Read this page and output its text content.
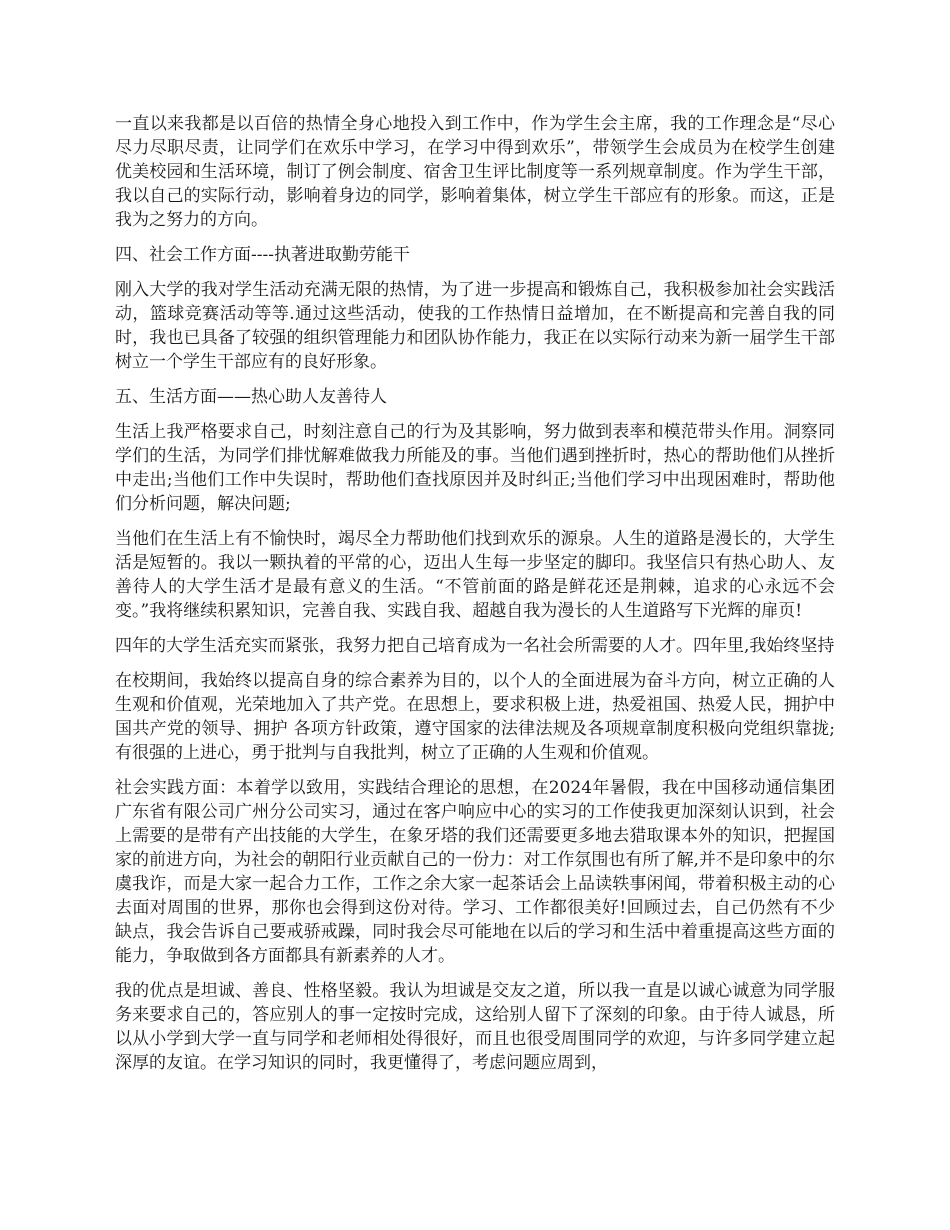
一直以来我都是以百倍的热情全身心地投入到工作中，作为学生会主席，我的工作理念是“尽心 尽力尽职尽责，让同学们在欢乐中学习，在学习中得到欢乐”，带领学生会成员为在校学生创建优美校园和生活环境，制订了例会制度、宿舍卫生评比制度等一系列规章制度。作为学生干部，我以自己的实际行动，影响着身边的同学，影响着集体，树立学生干部应有的形象。而这，正是我为之努力的方向。

四、社会工作方面----执著进取勤劳能干

刚入大学的我对学生活动充满无限的热情，为了进一步提高和锻炼自己，我积极参加社会实践活动，篮球竞赛活动等等.通过这些活动，使我的工作热情日益增加，在不断提高和完善自我的同时，我也已具备了较强的组织管理能力和团队协作能力，我正在以实际行动来为新一届学生干部树立一个学生干部应有的良好形象。

五、生活方面——热心助人友善待人

生活上我严格要求自己，时刻注意自己的行为及其影响，努力做到表率和模范带头作用。洞察同学们的生活，为同学们排忧解难做我力所能及的事。当他们遇到挫折时，热心的帮助他们从挫折中走出;当他们工作中失误时，帮助他们查找原因并及时纠正;当他们学习中出现困难时，帮助他们分析问题，解决问题;

当他们在生活上有不愉快时，竭尽全力帮助他们找到欢乐的源泉。人生的道路是漫长的，大学生活是短暂的。我以一颗执着的平常的心，迈出人生每一步坚定的脚印。我坚信只有热心助人、友善待人的大学生活才是最有意义的生活。“不管前面的路是鲜花还是荆棘，追求的心永远不会变。”我将继续积累知识，完善自我、实践自我、超越自我为漫长的人生道路写下光辉的扉页!

四年的大学生活充实而紧张，我努力把自己培育成为一名社会所需要的人才。四年里,我始终坚持

在校期间，我始终以提高自身的综合素养为目的，以个人的全面进展为奋斗方向，树立正确的人生观和价值观，光荣地加入了共产党。在思想上，要求积极上进，热爱祖国、热爱人民，拥护中国共产党的领导、拥护 各项方针政策，遵守国家的法律法规及各项规章制度积极向党组织靠拢;有很强的上进心，勇于批判与自我批判，树立了正确的人生观和价值观。

社会实践方面：本着学以致用，实践结合理论的思想，在2024年暑假，我在中国移动通信集团广东省有限公司广州分公司实习，通过在客户响应中心的实习的工作使我更加深刻认识到，社会上需要的是带有产出技能的大学生，在象牙塔的我们还需要更多地去猎取课本外的知识，把握国家的前进方向，为社会的朝阳行业贡献自己的一份力：对工作氛围也有所了解,并不是印象中的尔虞我诈，而是大家一起合力工作，工作之余大家一起茶话会上品读轶事闲闻，带着积极主动的心去面对周围的世界，那你也会得到这份对待。学习、工作都很美好!回顾过去，自己仍然有不少缺点，我会告诉自己要戒骄戒躁，同时我会尽可能地在以后的学习和生活中着重提高这些方面的能力，争取做到各方面都具有新素养的人才。

我的优点是坦诚、善良、性格坚毅。我认为坦诚是交友之道，所以我一直是以诚心诚意为同学服务来要求自己的，答应别人的事一定按时完成，这给别人留下了深刻的印象。由于待人诚恳，所以从小学到大学一直与同学和老师相处得很好，而且也很受周围同学的欢迎，与许多同学建立起深厚的友谊。在学习知识的同时，我更懂得了，考虑问题应周到，
